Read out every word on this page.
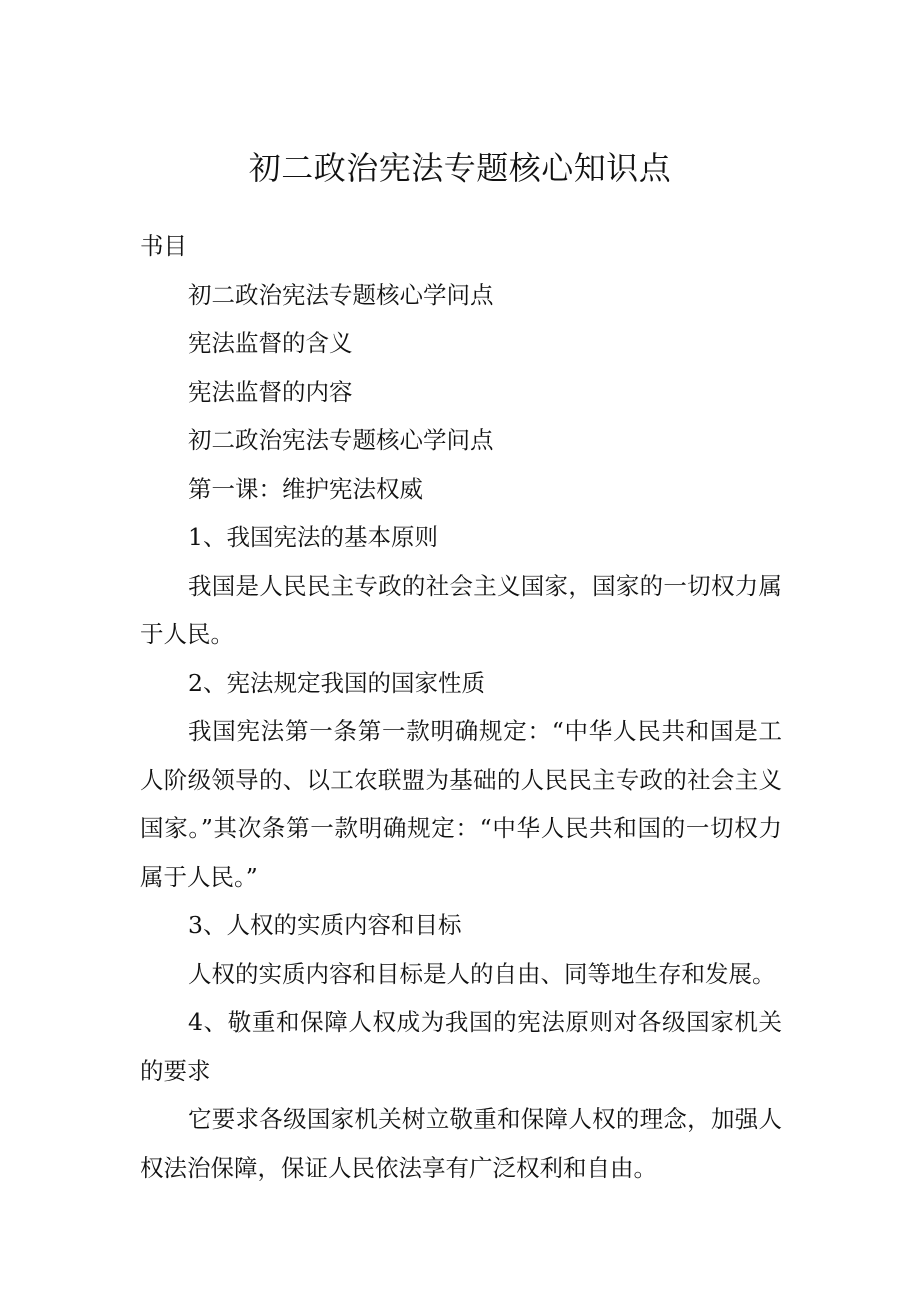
初二政治宪法专题核心知识点

书目

初二政治宪法专题核心学问点

宪法监督的含义

宪法监督的内容

初二政治宪法专题核心学问点

第一课：维护宪法权威

1、我国宪法的基本原则

我国是人民民主专政的社会主义国家，国家的一切权力属于人民。

2、宪法规定我国的国家性质

我国宪法第一条第一款明确规定：“中华人民共和国是工人阶级领导的、以工农联盟为基础的人民民主专政的社会主义国家。”其次条第一款明确规定：“中华人民共和国的一切权力属于人民。”

3、人权的实质内容和目标

人权的实质内容和目标是人的自由、同等地生存和发展。

4、敬重和保障人权成为我国的宪法原则对各级国家机关的要求

它要求各级国家机关树立敬重和保障人权的理念，加强人权法治保障，保证人民依法享有广泛权利和自由。
